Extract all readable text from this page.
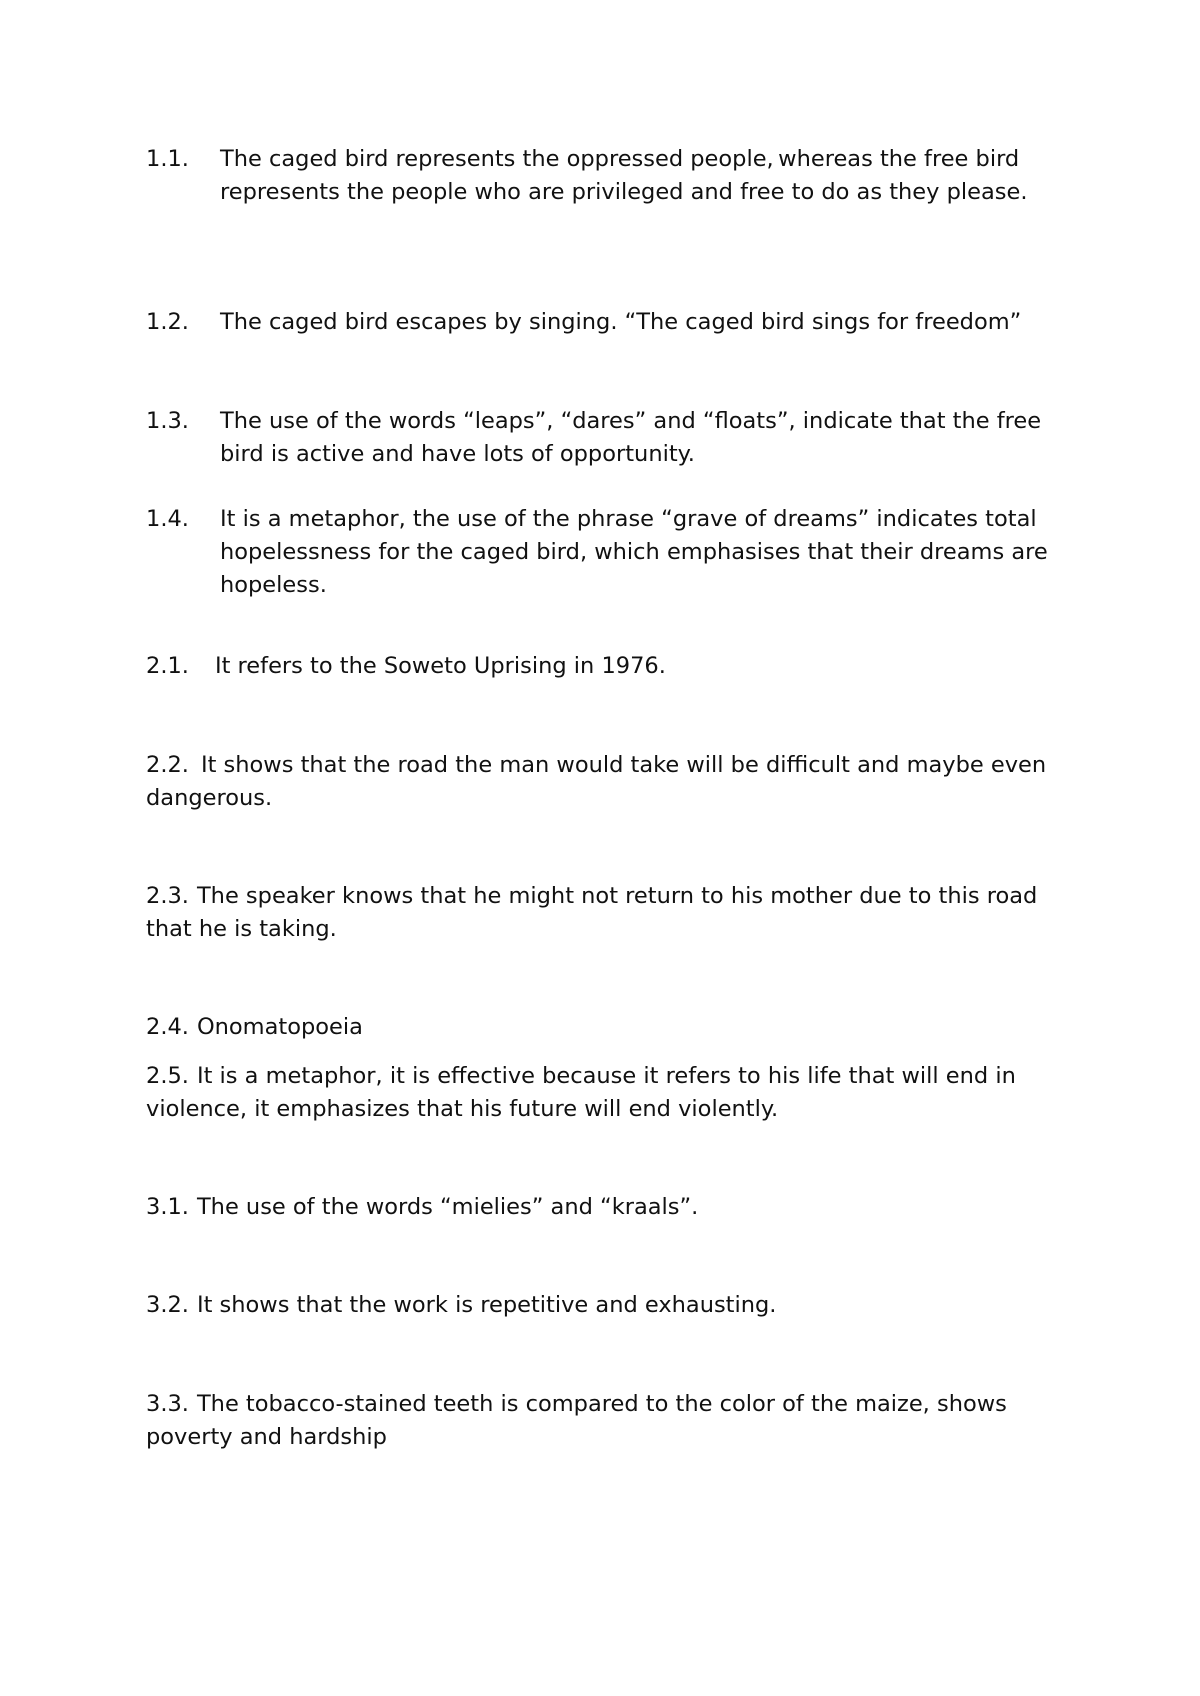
1.1. The caged bird represents the oppressed people, whereas the free bird represents the people who are privileged and free to do as they please.
1.2. The caged bird escapes by singing. “The caged bird sings for freedom”
1.3. The use of the words “leaps”, “dares” and “floats”, indicate that the free bird is active and have lots of opportunity.
1.4. It is a metaphor, the use of the phrase “grave of dreams” indicates total hopelessness for the caged bird, which emphasises that their dreams are hopeless.
2.1. It refers to the Soweto Uprising in 1976.
2.2. It shows that the road the man would take will be difficult and maybe evendangerous.
2.3. The speaker knows that he might not return to his mother due to this road that he is taking.
2.4. Onomatopoeia
2.5. It is a metaphor, it is effective because it refers to his life that will end in violence, it emphasizes that his future will end violently.
3.1. The use of the words “mielies” and “kraals”.
3.2. It shows that the work is repetitive and exhausting.
3.3. The tobacco-stained teeth is compared to the color of the maize, shows poverty and hardship
